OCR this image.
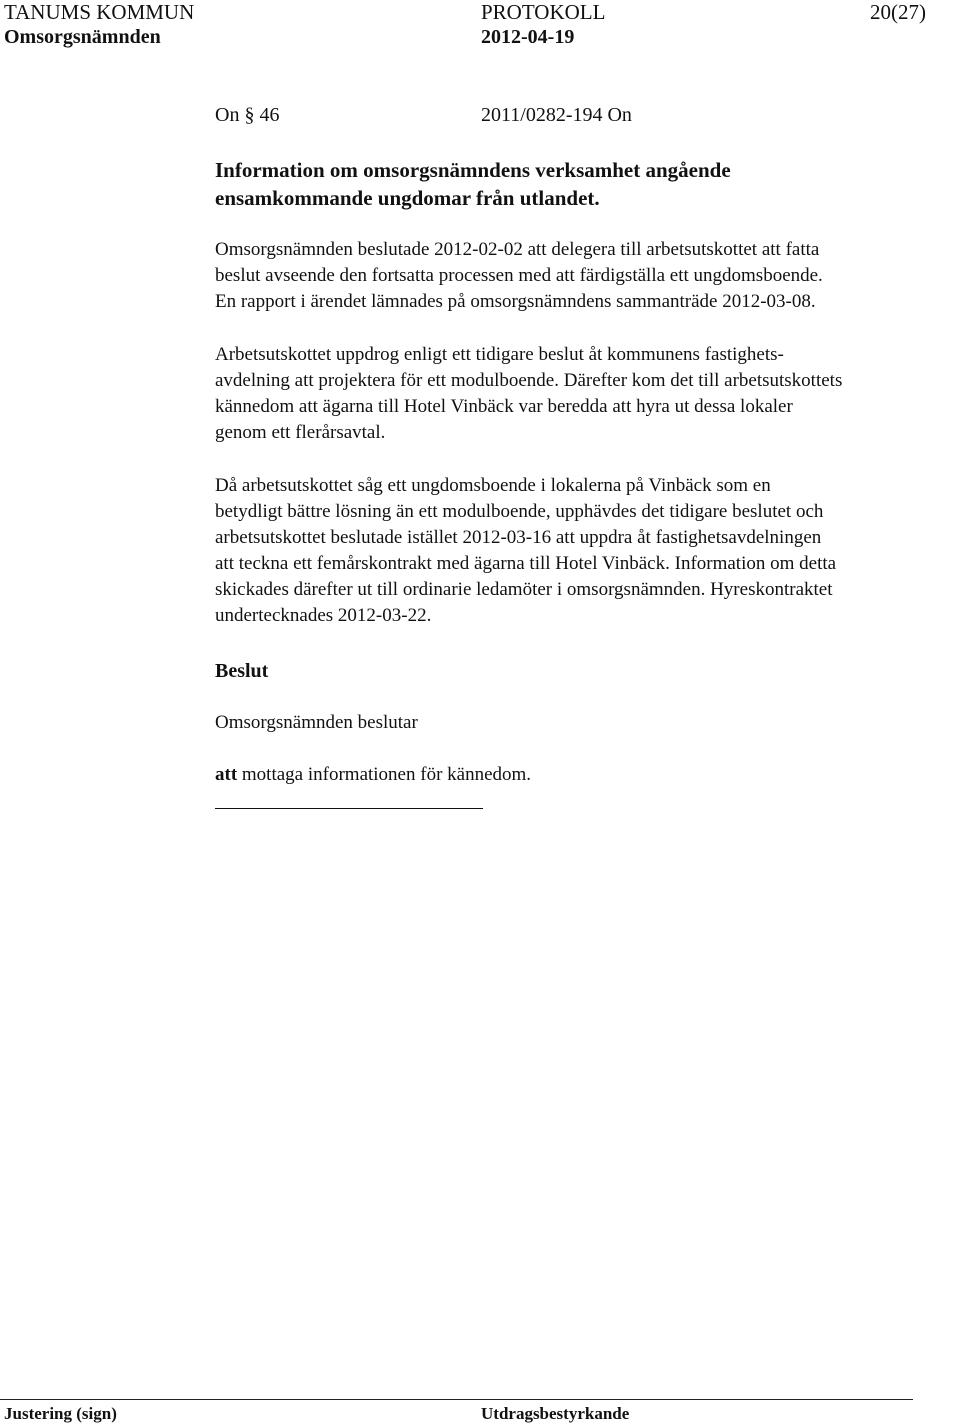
TANUMS KOMMUN
Omsorgsnämnden
PROTOKOLL
2012-04-19
20(27)
On § 46	2011/0282-194 On

Information om omsorgsnämndens verksamhet angående

ensamkommande ungdomar från utlandet.

Omsorgsnämnden beslutade 2012-02-02 att delegera till arbetsutskottet att fatta

beslut avseende den fortsatta processen med att färdigställa ett ungdomsboende.

En rapport i ärendet lämnades på omsorgsnämndens sammanträde 2012-03-08.

Arbetsutskottet uppdrog enligt ett tidigare beslut åt kommunens fastighets-

avdelning att projektera för ett modulboende. Därefter kom det till arbetsutskottets

kännedom att ägarna till Hotel Vinbäck var beredda att hyra ut dessa lokaler

genom ett flerårsavtal.

Då arbetsutskottet såg ett ungdomsboende i lokalerna på Vinbäck som en

betydligt bättre lösning än ett modulboende, upphävdes det tidigare beslutet och

arbetsutskottet beslutade istället 2012-03-16 att uppdra åt fastighetsavdelningen

att teckna ett femårskontrakt med ägarna till Hotel Vinbäck. Information om detta

skickades därefter ut till ordinarie ledamöter i omsorgsnämnden. Hyreskontraktet

undertecknades 2012-03-22.

Beslut

Omsorgsnämnden beslutar

att mottaga informationen för kännedom.

Justering (sign)	Utdragsbestyrkande
